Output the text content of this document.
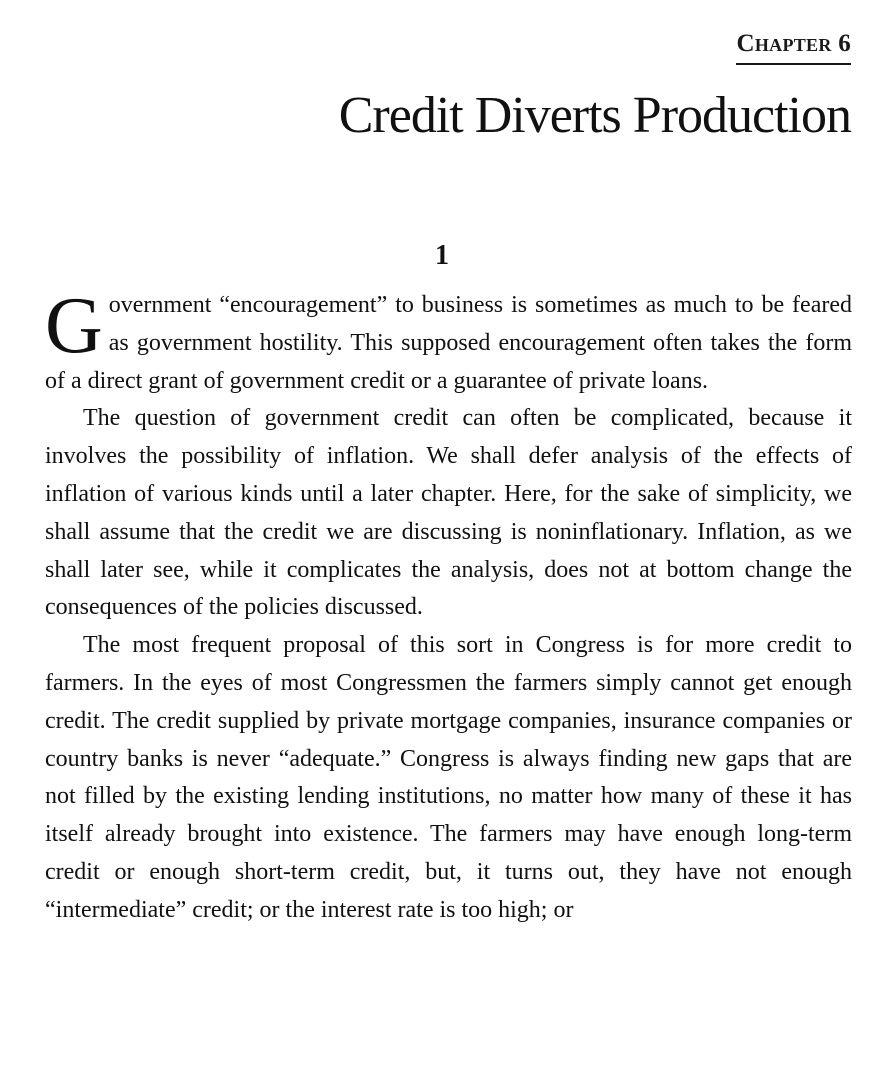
Chapter 6
Credit Diverts Production
1

Government “encouragement” to business is sometimes as much to be feared as government hostility. This supposed encouragement often takes the form of a direct grant of government credit or a guarantee of private loans.

The question of government credit can often be complicated, because it involves the possibility of inflation. We shall defer analysis of the effects of inflation of various kinds until a later chapter. Here, for the sake of simplicity, we shall assume that the credit we are discussing is noninflationary. Inflation, as we shall later see, while it complicates the analysis, does not at bottom change the consequences of the policies discussed.

The most frequent proposal of this sort in Congress is for more credit to farmers. In the eyes of most Congressmen the farmers simply cannot get enough credit. The credit supplied by private mortgage companies, insurance companies or country banks is never “adequate.” Congress is always finding new gaps that are not filled by the existing lending institutions, no matter how many of these it has itself already brought into existence. The farmers may have enough long-term credit or enough short-term credit, but, it turns out, they have not enough “intermediate” credit; or the interest rate is too high; or
